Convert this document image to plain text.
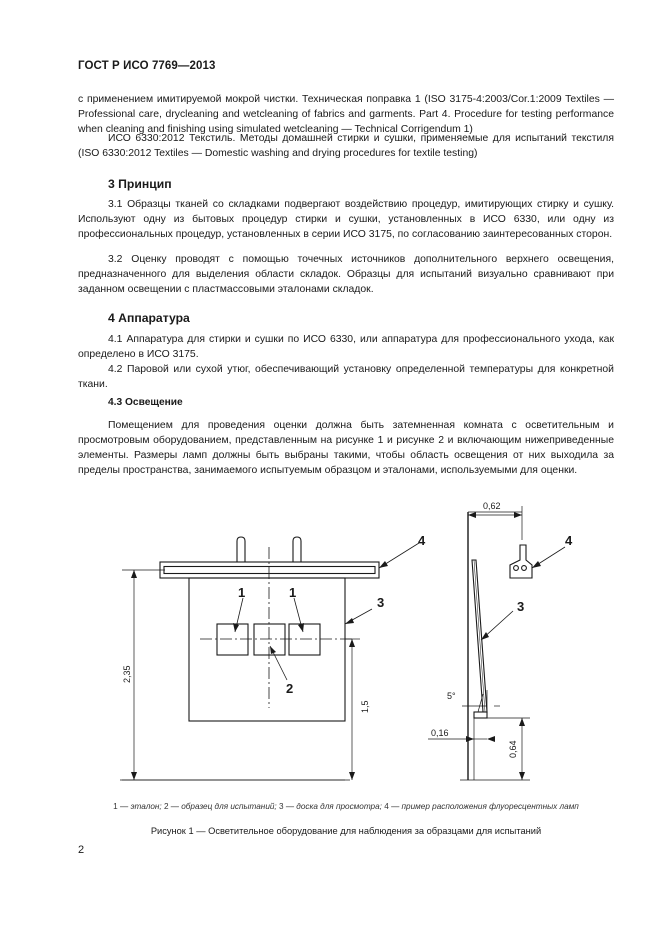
ГОСТ Р ИСО 7769—2013
с применением имитируемой мокрой чистки. Техническая поправка 1 (ISO 3175-4:2003/Cor.1:2009 Textiles — Professional care, drycleaning and wetcleaning of fabrics and garments. Part 4. Procedure for testing performance when cleaning and finishing using simulated wetcleaning — Technical Corrigendum 1)
ИСО 6330:2012 Текстиль. Методы домашней стирки и сушки, применяемые для испытаний текстиля (ISO 6330:2012 Textiles — Domestic washing and drying procedures for textile testing)
3 Принцип
3.1 Образцы тканей со складками подвергают воздействию процедур, имитирующих стирку и сушку. Используют одну из бытовых процедур стирки и сушки, установленных в ИСО 6330, или одну из профессиональных процедур, установленных в серии ИСО 3175, по согласованию заинтересованных сторон.
3.2 Оценку проводят с помощью точечных источников дополнительного верхнего освещения, предназначенного для выделения области складок. Образцы для испытаний визуально сравнивают при заданном освещении с пластмассовыми эталонами складок.
4 Аппаратура
4.1 Аппаратура для стирки и сушки по ИСО 6330, или аппаратура для профессионального ухода, как определено в ИСО 3175.
4.2 Паровой или сухой утюг, обеспечивающий установку определенной температуры для конкретной ткани.
4.3 Освещение
Помещением для проведения оценки должна быть затемненная комната с осветительным и просмотровым оборудованием, представленным на рисунке 1 и рисунке 2 и включающим нижеприведенные элементы. Размеры ламп должны быть выбраны такими, чтобы область освещения от них выходила за пределы пространства, занимаемого испытуемым образцом и эталонами, используемыми для оценки.
1	1
2
3
4	4
3
0,62
5°
0,16
2,35
1,5
0,64
1 — эталон; 2 — образец для испытаний; 3 — доска для просмотра; 4 — пример расположения флуоресцентных ламп
Рисунок 1 — Осветительное оборудование для наблюдения за образцами для испытаний
2
